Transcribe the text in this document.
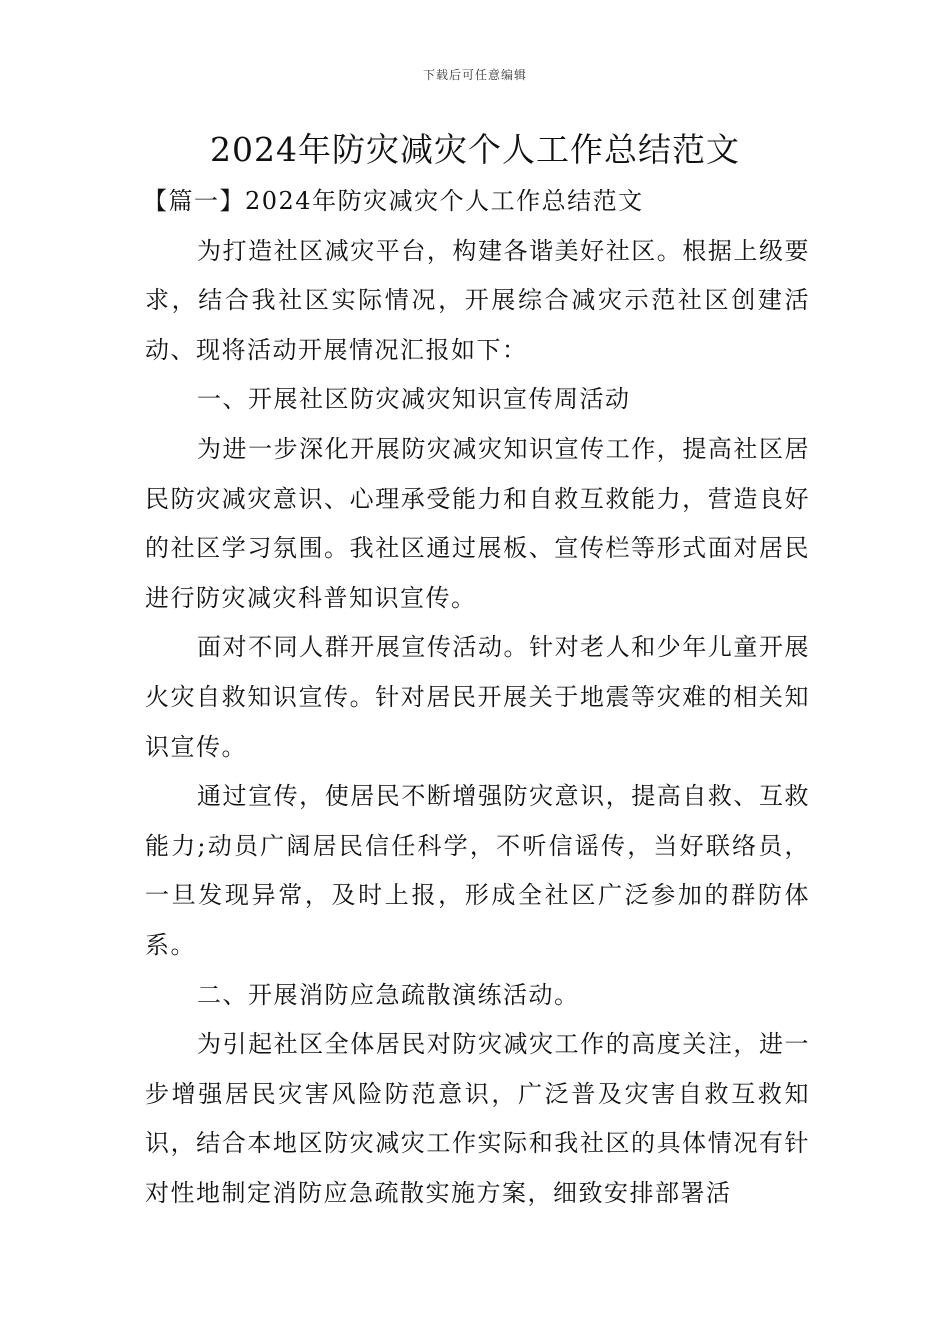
下载后可任意编辑
2024年防灾减灾个人工作总结范文

【篇一】2024年防灾减灾个人工作总结范文

为打造社区减灾平台，构建各谐美好社区。根据上级要求，结合我社区实际情况，开展综合减灾示范社区创建活动、现将活动开展情况汇报如下：

一、开展社区防灾减灾知识宣传周活动

为进一步深化开展防灾减灾知识宣传工作，提高社区居民防灾减灾意识、心理承受能力和自救互救能力，营造良好的社区学习氛围。我社区通过展板、宣传栏等形式面对居民进行防灾减灾科普知识宣传。

面对不同人群开展宣传活动。针对老人和少年儿童开展火灾自救知识宣传。针对居民开展关于地震等灾难的相关知识宣传。

通过宣传，使居民不断增强防灾意识，提高自救、互救能力;动员广阔居民信任科学，不听信谣传，当好联络员，一旦发现异常，及时上报，形成全社区广泛参加的群防体系。

二、开展消防应急疏散演练活动。

为引起社区全体居民对防灾减灾工作的高度关注，进一步增强居民灾害风险防范意识，广泛普及灾害自救互救知识，结合本地区防灾减灾工作实际和我社区的具体情况有针对性地制定消防应急疏散实施方案，细致安排部署活
